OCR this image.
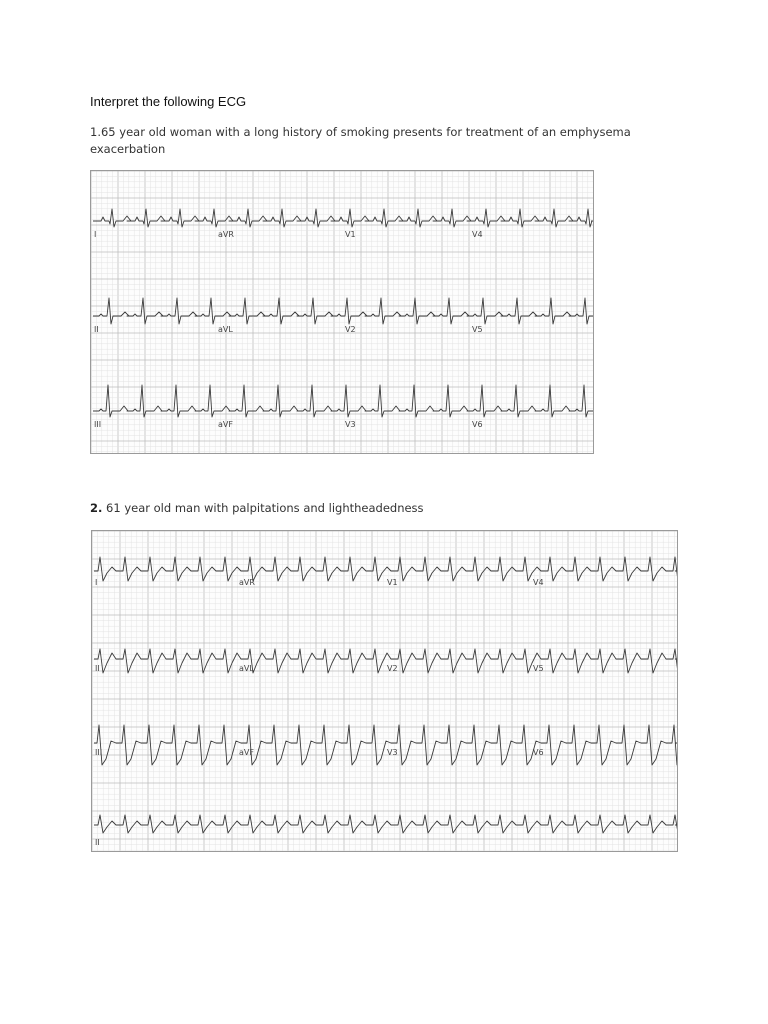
Interpret the following ECG
1.65 year old woman with a long history of smoking presents for treatment of an emphysema exacerbation
I	aVR	V1	V4
II	aVL	V2	V5
III	aVF	V3	V6
2. 61 year old man with palpitations and lightheadedness
I	aVR	V1	V4
II	aVL	V2	V5
III	aVF	V3	V6
II
